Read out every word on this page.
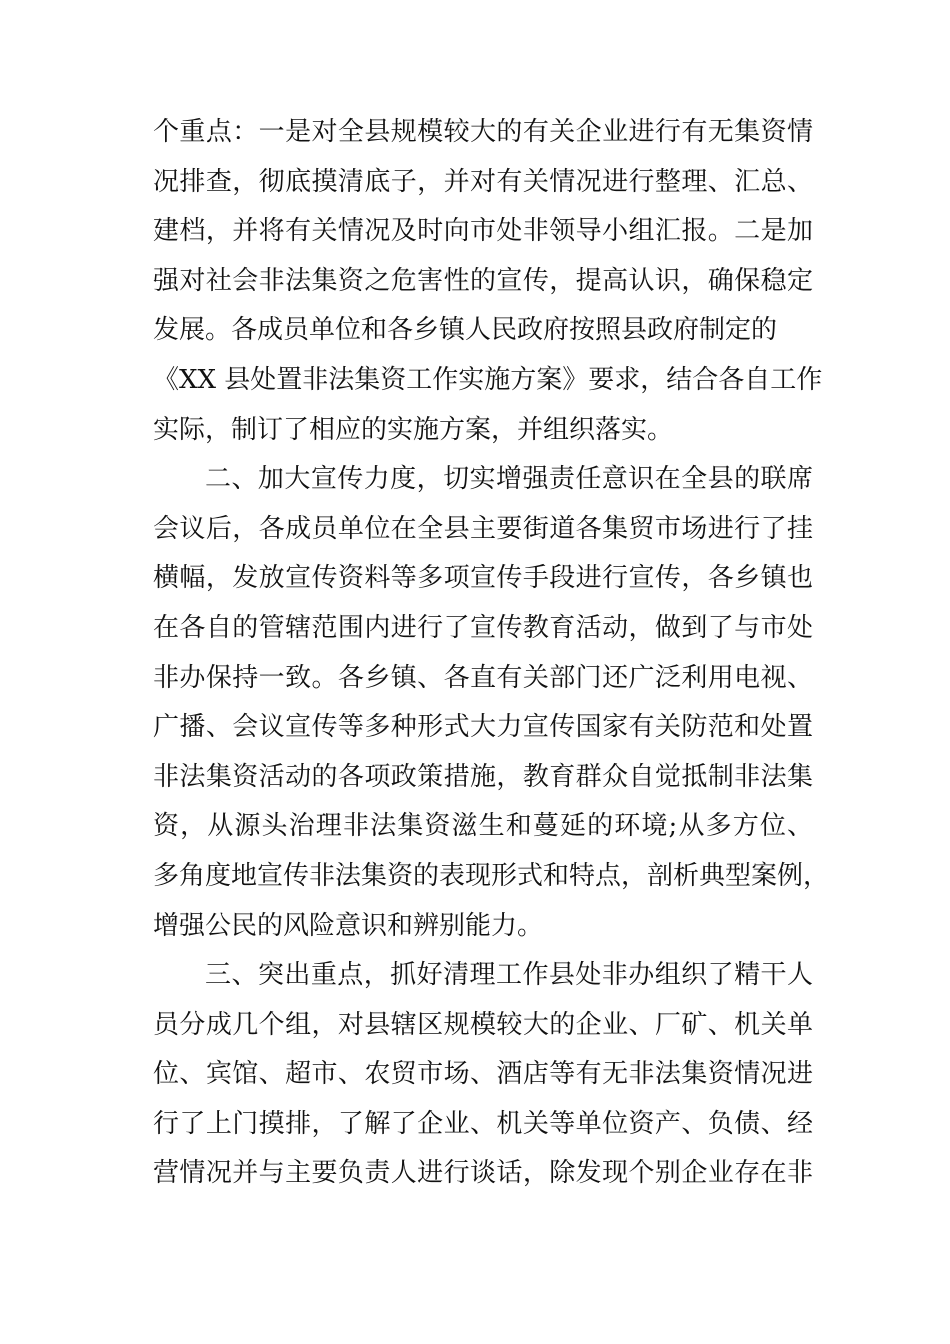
个重点：一是对全县规模较大的有关企业进行有无集资情
况排查，彻底摸清底子，并对有关情况进行整理、汇总、
建档，并将有关情况及时向市处非领导小组汇报。二是加
强对社会非法集资之危害性的宣传，提高认识，确保稳定
发展。各成员单位和各乡镇人民政府按照县政府制定的
《XX 县处置非法集资工作实施方案》要求，结合各自工作
实际，制订了相应的实施方案，并组织落实。
二、加大宣传力度，切实增强责任意识在全县的联席
会议后，各成员单位在全县主要街道各集贸市场进行了挂
横幅，发放宣传资料等多项宣传手段进行宣传，各乡镇也
在各自的管辖范围内进行了宣传教育活动，做到了与市处
非办保持一致。各乡镇、各直有关部门还广泛利用电视、
广播、会议宣传等多种形式大力宣传国家有关防范和处置
非法集资活动的各项政策措施，教育群众自觉抵制非法集
资，从源头治理非法集资滋生和蔓延的环境;从多方位、
多角度地宣传非法集资的表现形式和特点，剖析典型案例，
增强公民的风险意识和辨别能力。
三、突出重点，抓好清理工作县处非办组织了精干人
员分成几个组，对县辖区规模较大的企业、厂矿、机关单
位、宾馆、超市、农贸市场、酒店等有无非法集资情况进
行了上门摸排，了解了企业、机关等单位资产、负债、经
营情况并与主要负责人进行谈话，除发现个别企业存在非
